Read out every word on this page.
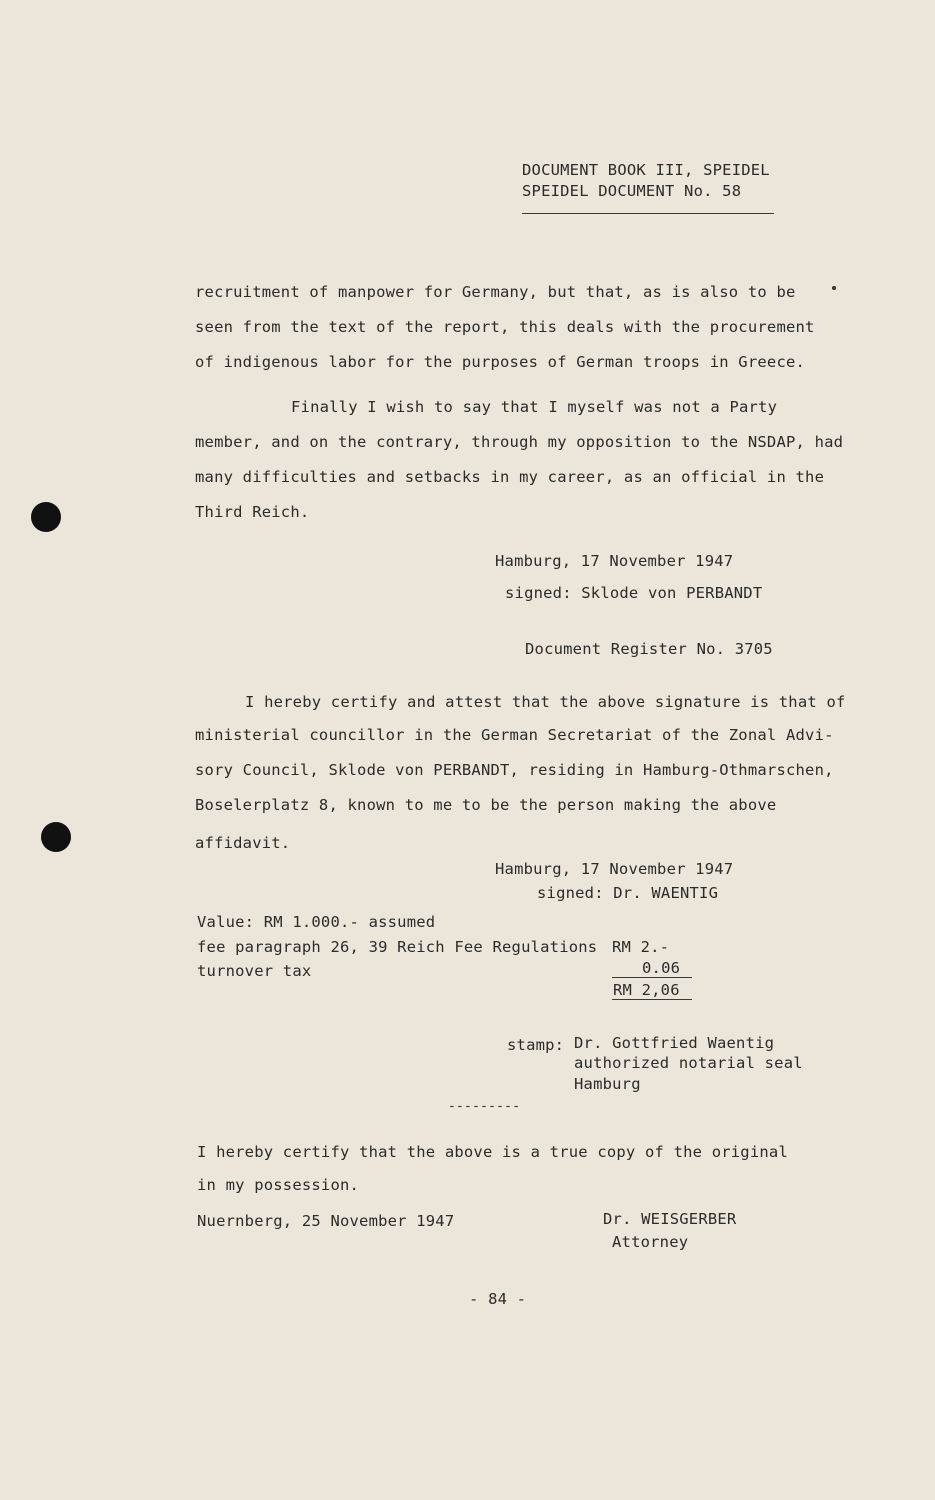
DOCUMENT BOOK III, SPEIDEL
SPEIDEL DOCUMENT No. 58
recruitment of manpower for Germany, but that, as is also to be
seen from the text of the report, this deals with the procurement
of indigenous labor for the purposes of German troops in Greece.
Finally I wish to say that I myself was not a Party
member, and on the contrary, through my opposition to the NSDAP, had
many difficulties and setbacks in my career, as an official in the
Third Reich.
Hamburg, 17 November 1947
signed: Sklode von PERBANDT
Document Register No. 3705
I hereby certify and attest that the above signature is that of
ministerial councillor in the German Secretariat of the Zonal Advi-
sory Council, Sklode von PERBANDT, residing in Hamburg-Othmarschen,
Boselerplatz 8, known to me to be the person making the above
affidavit.
Hamburg, 17 November 1947
signed: Dr. WAENTIG
Value: RM 1.000.- assumed
fee paragraph 26, 39 Reich Fee Regulations RM 2.-
turnover tax	0.06
RM 2,06
stamp: Dr. Gottfried Waentig
authorized notarial seal
Hamburg
---------
I hereby certify that the above is a true copy of the original
in my possession.
Nuernberg, 25 November 1947	Dr. WEISGERBER
Attorney
- 84 -
